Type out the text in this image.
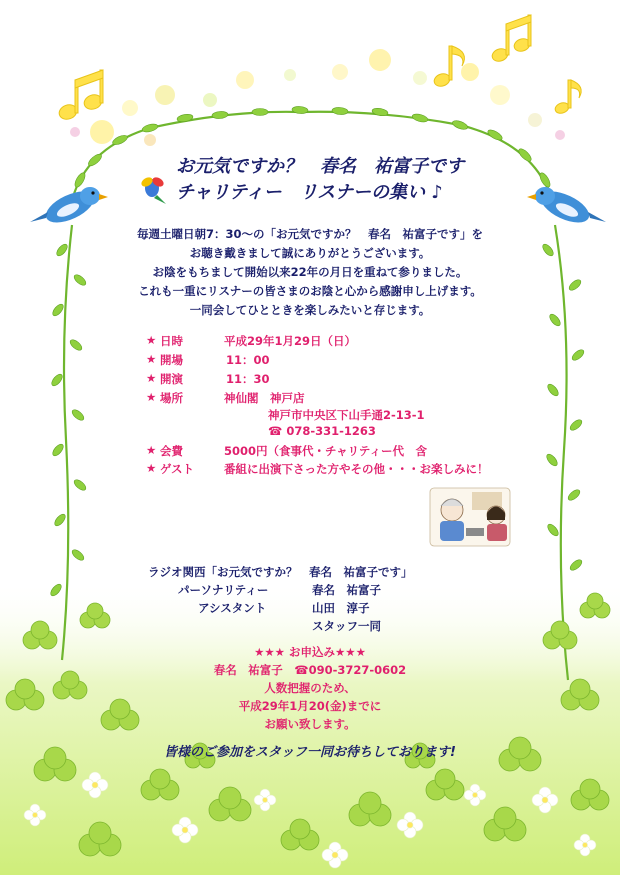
お元気ですか？　春名　祐富子です
チャリティー　リスナーの集い ♪
毎週土曜日朝7：30～の「お元気ですか？　春名　祐富子です」を
お聴き戴きまして誠にありがとうございます。
お陰をもちまして開始以来22年の月日を重ねて参りました。
これも一重にリスナーの皆さまのお陰と心から感謝申し上げます。
一同会してひとときを楽しみたいと存じます。
★ 日時	平成29年1月29日（日）
★ 開場	11：00
★ 開演	11：30
★ 場所	神仙閣　神戸店
神戸市中央区下山手通2-13-1
☎ 078-331-1263
★ 会費	5000円（食事代・チャリティー代　含
★ ゲスト	番組に出演下さった方やその他・・・お楽しみに！
ラジオ関西「お元気ですか？　春名　祐富子です」
パーソナリティー	春名　祐富子
アシスタント	山田　淳子
スタッフ一同
★★★ お申込み★★★
春名　祐富子　☎090-3727-0602
人数把握のため、
平成29年1月20(金)までに
お願い致します。
皆様のご参加をスタッフ一同お待ちしております!
